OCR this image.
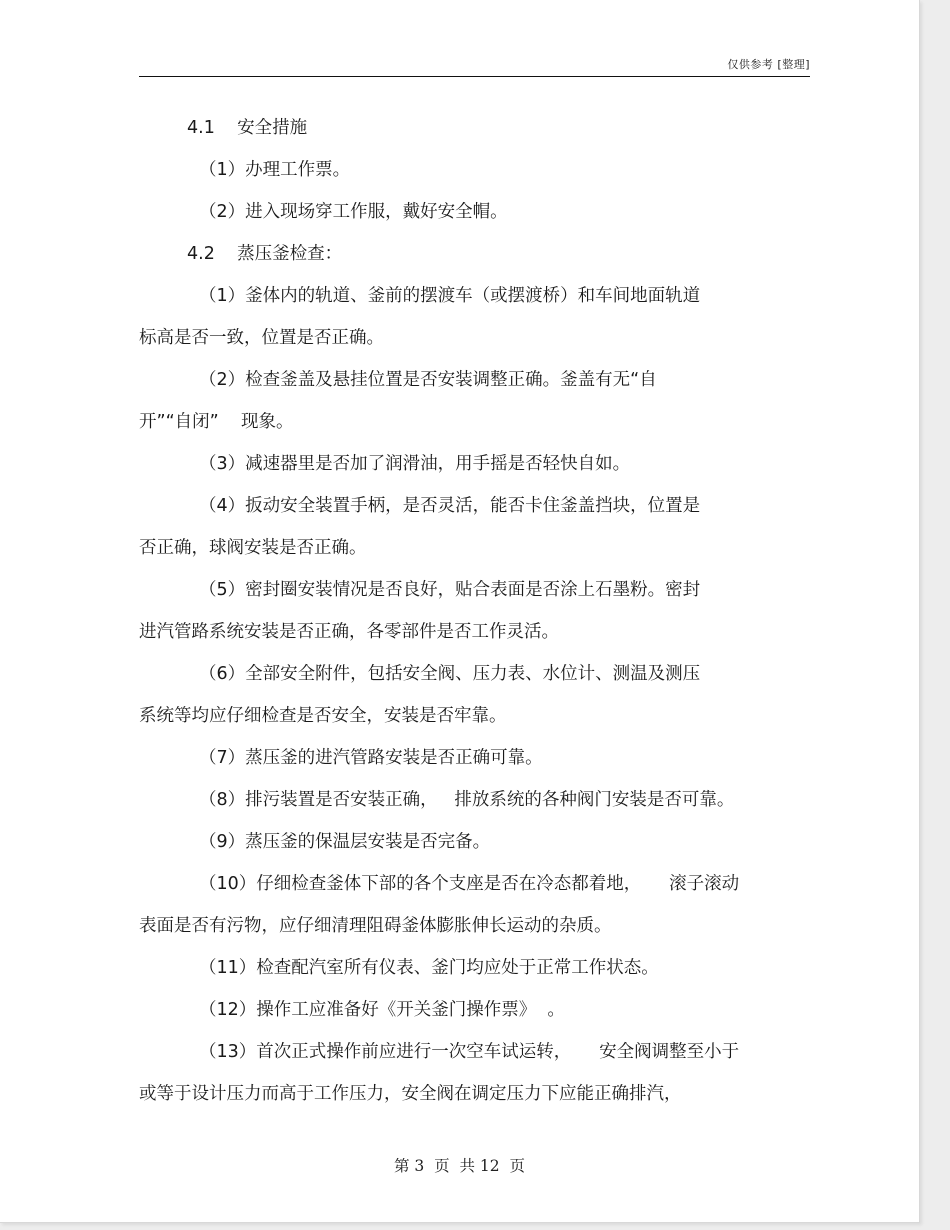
仅供参考 [整理]
4.1    安全措施
（1）办理工作票。
（2）进入现场穿工作服，戴好安全帽。
4.2    蒸压釜检查：
（1）釜体内的轨道、釜前的摆渡车（或摆渡桥）和车间地面轨道
标高是否一致，位置是否正确。
（2）检查釜盖及悬挂位置是否安装调整正确。釜盖有无“自
开”“自闭”    现象。
（3）减速器里是否加了润滑油，用手摇是否轻快自如。
（4）扳动安全装置手柄，是否灵活，能否卡住釜盖挡块，位置是
否正确，球阀安装是否正确。
（5）密封圈安装情况是否良好，贴合表面是否涂上石墨粉。密封
进汽管路系统安装是否正确，各零部件是否工作灵活。
（6）全部安全附件，包括安全阀、压力表、水位计、测温及测压
系统等均应仔细检查是否安全，安装是否牢靠。
（7）蒸压釜的进汽管路安装是否正确可靠。
（8）排污装置是否安装正确，   排放系统的各种阀门安装是否可靠。
（9）蒸压釜的保温层安装是否完备。
（10）仔细检查釜体下部的各个支座是否在冷态都着地，     滚子滚动
表面是否有污物，应仔细清理阻碍釜体膨胀伸长运动的杂质。
（11）检查配汽室所有仪表、釜门均应处于正常工作状态。
（12）操作工应准备好《开关釜门操作票》  。
（13）首次正式操作前应进行一次空车试运转，     安全阀调整至小于
或等于设计压力而高于工作压力，安全阀在调定压力下应能正确排汽，
第 3  页  共 12  页
